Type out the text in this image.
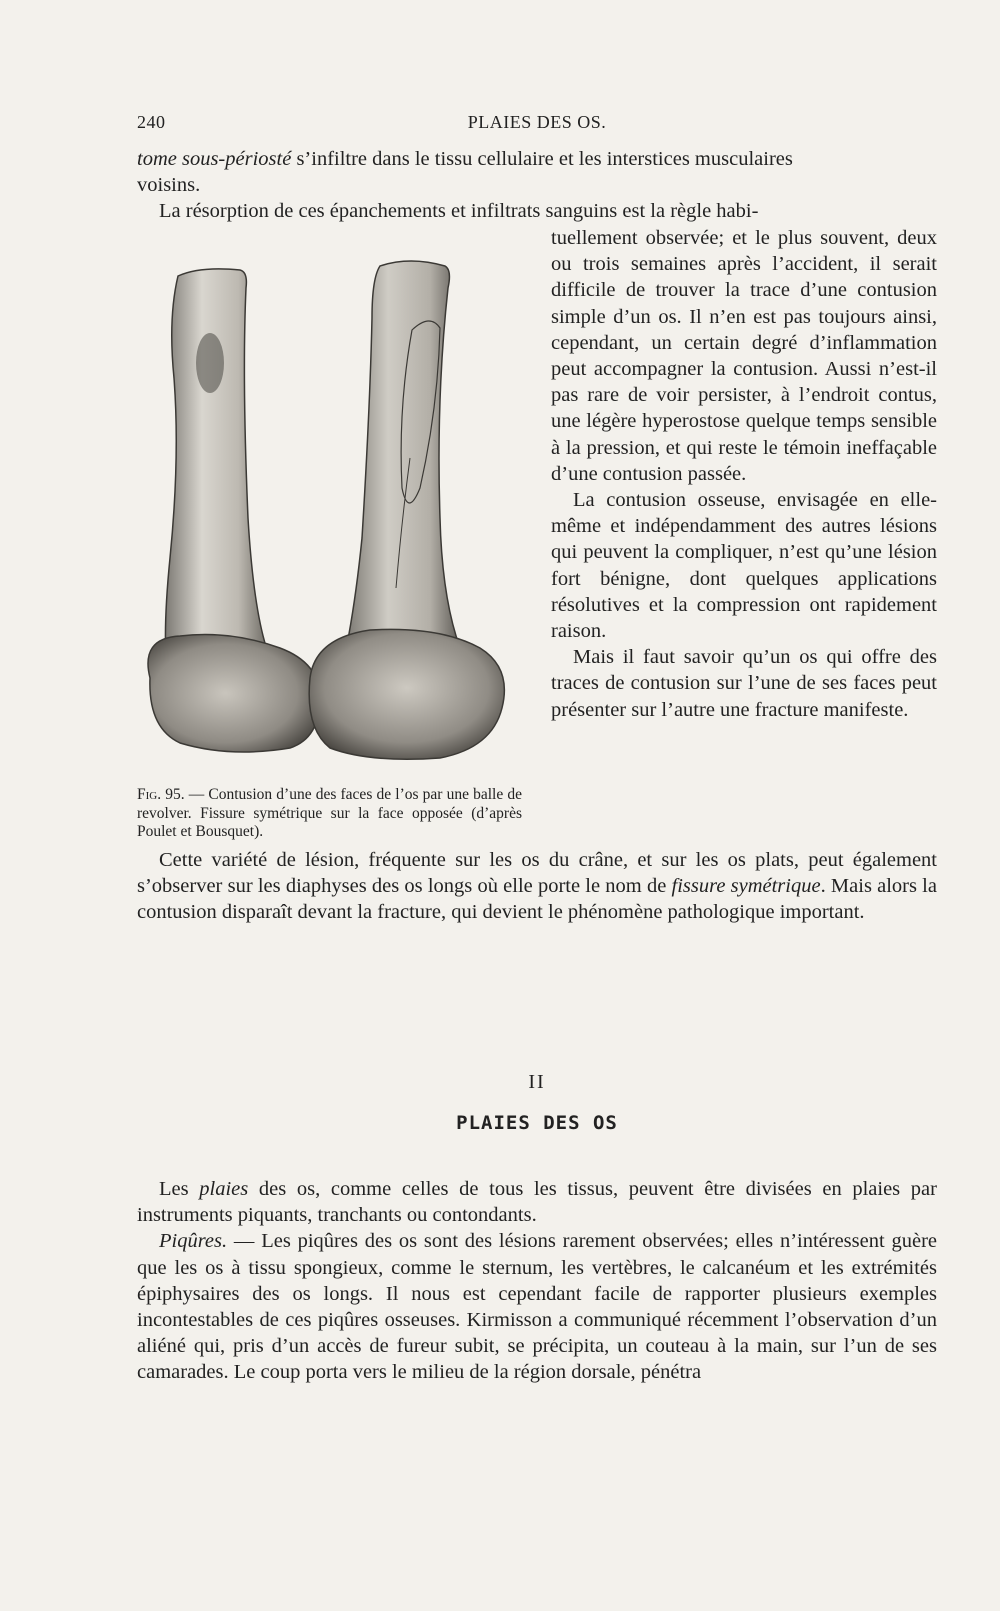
240	PLAIES DES OS.

tome sous-périosté s’infiltre dans le tissu cellulaire et les interstices musculaires

voisins.

La résorption de ces épanchements et infiltrats sanguins est la règle habi-

tuellement observée; et le plus souvent, deux ou trois semaines après l’accident, il serait difficile de trouver la trace d’une contusion simple d’un os. Il n’en est pas toujours ainsi, cependant, un certain degré d’inflammation peut accompagner la contusion. Aussi n’est-il pas rare de voir persister, à l’endroit contus, une légère hyperostose quelque temps sensible à la pression, et qui reste le témoin ineffaçable d’une contusion passée.

La contusion osseuse, envisagée en elle-même et indépendamment des autres lésions qui peuvent la compliquer, n’est qu’une lésion fort bénigne, dont quelques applications résolutives et la compression ont rapidement raison.

Mais il faut savoir qu’un os qui offre des traces de contusion sur l’une de ses faces peut présenter sur l’autre une fracture manifeste.

Fig. 95. — Contusion d’une des faces de l’os par une balle de revolver. Fissure symétrique sur la face opposée (d’après Poulet et Bousquet).

Cette variété de lésion, fréquente sur les os du crâne, et sur les os plats, peut également s’observer sur les diaphyses des os longs où elle porte le nom de fissure symétrique. Mais alors la contusion disparaît devant la fracture, qui devient le phénomène pathologique important.

II
PLAIES DES OS

Les plaies des os, comme celles de tous les tissus, peuvent être divisées en plaies par instruments piquants, tranchants ou contondants.

Piqûres. — Les piqûres des os sont des lésions rarement observées; elles n’intéressent guère que les os à tissu spongieux, comme le sternum, les vertèbres, le calcanéum et les extrémités épiphysaires des os longs. Il nous est cependant facile de rapporter plusieurs exemples incontestables de ces piqûres osseuses. Kirmisson a communiqué récemment l’observation d’un aliéné qui, pris d’un accès de fureur subit, se précipita, un couteau à la main, sur l’un de ses camarades. Le coup porta vers le milieu de la région dorsale, pénétra
